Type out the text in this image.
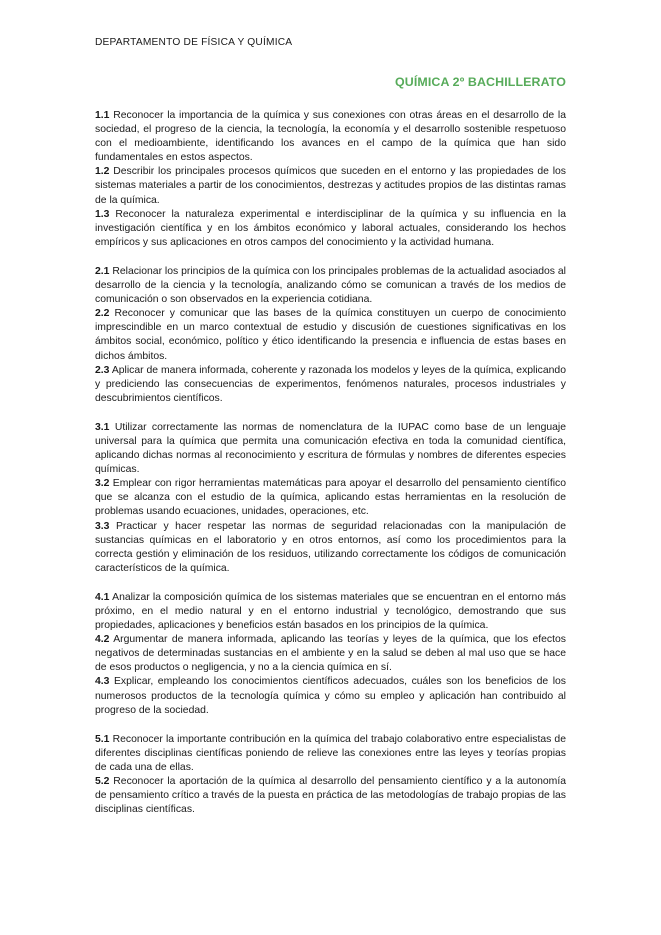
DEPARTAMENTO DE FÍSICA Y QUÍMICA
QUÍMICA 2º BACHILLERATO

1.1 Reconocer la importancia de la química y sus conexiones con otras áreas en el desarrollo de la sociedad, el progreso de la ciencia, la tecnología, la economía y el desarrollo sostenible respetuoso con el medioambiente, identificando los avances en el campo de la química que han sido fundamentales en estos aspectos.

1.2 Describir los principales procesos químicos que suceden en el entorno y las propiedades de los sistemas materiales a partir de los conocimientos, destrezas y actitudes propios de las distintas ramas de la química.

1.3 Reconocer la naturaleza experimental e interdisciplinar de la química y su influencia en la investigación científica y en los ámbitos económico y laboral actuales, considerando los hechos empíricos y sus aplicaciones en otros campos del conocimiento y la actividad humana.

2.1 Relacionar los principios de la química con los principales problemas de la actualidad asociados al desarrollo de la ciencia y la tecnología, analizando cómo se comunican a través de los medios de comunicación o son observados en la experiencia cotidiana.

2.2 Reconocer y comunicar que las bases de la química constituyen un cuerpo de conocimiento imprescindible en un marco contextual de estudio y discusión de cuestiones significativas en los ámbitos social, económico, político y ético identificando la presencia e influencia de estas bases en dichos ámbitos.

2.3 Aplicar de manera informada, coherente y razonada los modelos y leyes de la química, explicando y prediciendo las consecuencias de experimentos, fenómenos naturales, procesos industriales y descubrimientos científicos.

3.1 Utilizar correctamente las normas de nomenclatura de la IUPAC como base de un lenguaje universal para la química que permita una comunicación efectiva en toda la comunidad científica, aplicando dichas normas al reconocimiento y escritura de fórmulas y nombres de diferentes especies químicas.

3.2 Emplear con rigor herramientas matemáticas para apoyar el desarrollo del pensamiento científico que se alcanza con el estudio de la química, aplicando estas herramientas en la resolución de problemas usando ecuaciones, unidades, operaciones, etc.

3.3 Practicar y hacer respetar las normas de seguridad relacionadas con la manipulación de sustancias químicas en el laboratorio y en otros entornos, así como los procedimientos para la correcta gestión y eliminación de los residuos, utilizando correctamente los códigos de comunicación característicos de la química.

4.1 Analizar la composición química de los sistemas materiales que se encuentran en el entorno más próximo, en el medio natural y en el entorno industrial y tecnológico, demostrando que sus propiedades, aplicaciones y beneficios están basados en los principios de la química.

4.2 Argumentar de manera informada, aplicando las teorías y leyes de la química, que los efectos negativos de determinadas sustancias en el ambiente y en la salud se deben al mal uso que se hace de esos productos o negligencia, y no a la ciencia química en sí.

4.3 Explicar, empleando los conocimientos científicos adecuados, cuáles son los beneficios de los numerosos productos de la tecnología química y cómo su empleo y aplicación han contribuido al progreso de la sociedad.

5.1 Reconocer la importante contribución en la química del trabajo colaborativo entre especialistas de diferentes disciplinas científicas poniendo de relieve las conexiones entre las leyes y teorías propias de cada una de ellas.

5.2 Reconocer la aportación de la química al desarrollo del pensamiento científico y a la autonomía de pensamiento crítico a través de la puesta en práctica de las metodologías de trabajo propias de las disciplinas científicas.
